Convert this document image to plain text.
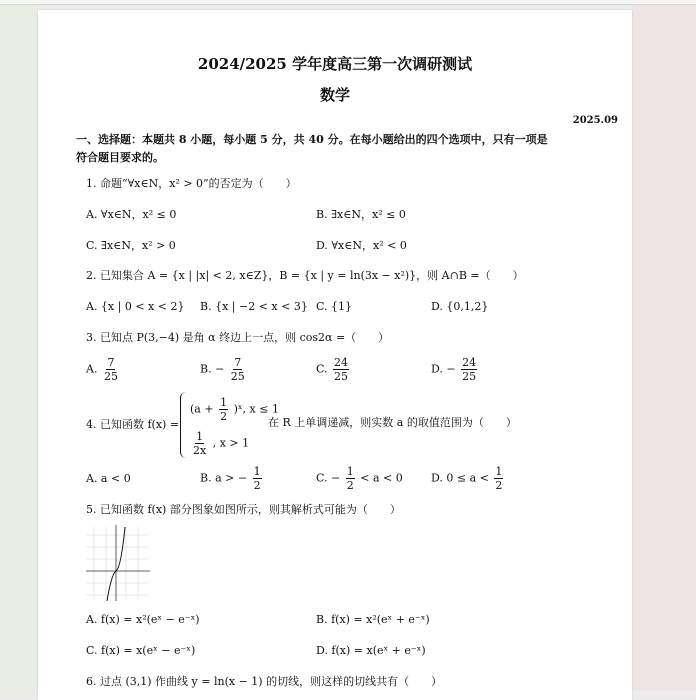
2024/2025 学年度高三第一次调研测试
数学
2025.09
一、选择题：本题共 8 小题，每小题 5 分，共 40 分。在每小题给出的四个选项中，只有一项是
符合题目要求的。
1. 命题“∀x∈N，x² > 0”的否定为（　　）
A. ∀x∈N，x² ≤ 0	B. ∃x∈N，x² ≤ 0
C. ∃x∈N，x² > 0	D. ∀x∈N，x² < 0
2. 已知集合 A = {x | |x| < 2, x∈Z}，B = {x | y = ln(3x − x²)}，则 A∩B =（　　）
A. {x | 0 < x < 2} B. {x | −2 < x < 3} C. {1}	D. {0,1,2}
3. 已知点 P(3,−4) 是角 α 终边上一点，则 cos2α =（　　）
A. $\frac{7}{25}$	B. − $\frac{7}{25}$	C. $\frac{24}{25}$	D. − $\frac{24}{25}$
4. 已知函数 f(x) =
($a + \frac{1}{2}$ )ˣ, x ≤ 1
$\frac{1}{2x}$ , x > 1
在 R 上单调递减，则实数 a 的取值范围为（　　）
A. a < 0	B. a > − $\frac{1}{2}$	C. − $\frac{1}{2} < a < 0$	D. $0 \le a < \frac{1}{2}$
5. 已知函数 f(x) 部分图象如图所示，则其解析式可能为（　　）
A. f(x) = x²(eˣ − e⁻ˣ)	B. f(x) = x²(eˣ + e⁻ˣ)
C. f(x) = x(eˣ − e⁻ˣ)	D. f(x) = x(eˣ + e⁻ˣ)
6. 过点 (3,1) 作曲线 y = ln(x − 1) 的切线，则这样的切线共有（　　）
